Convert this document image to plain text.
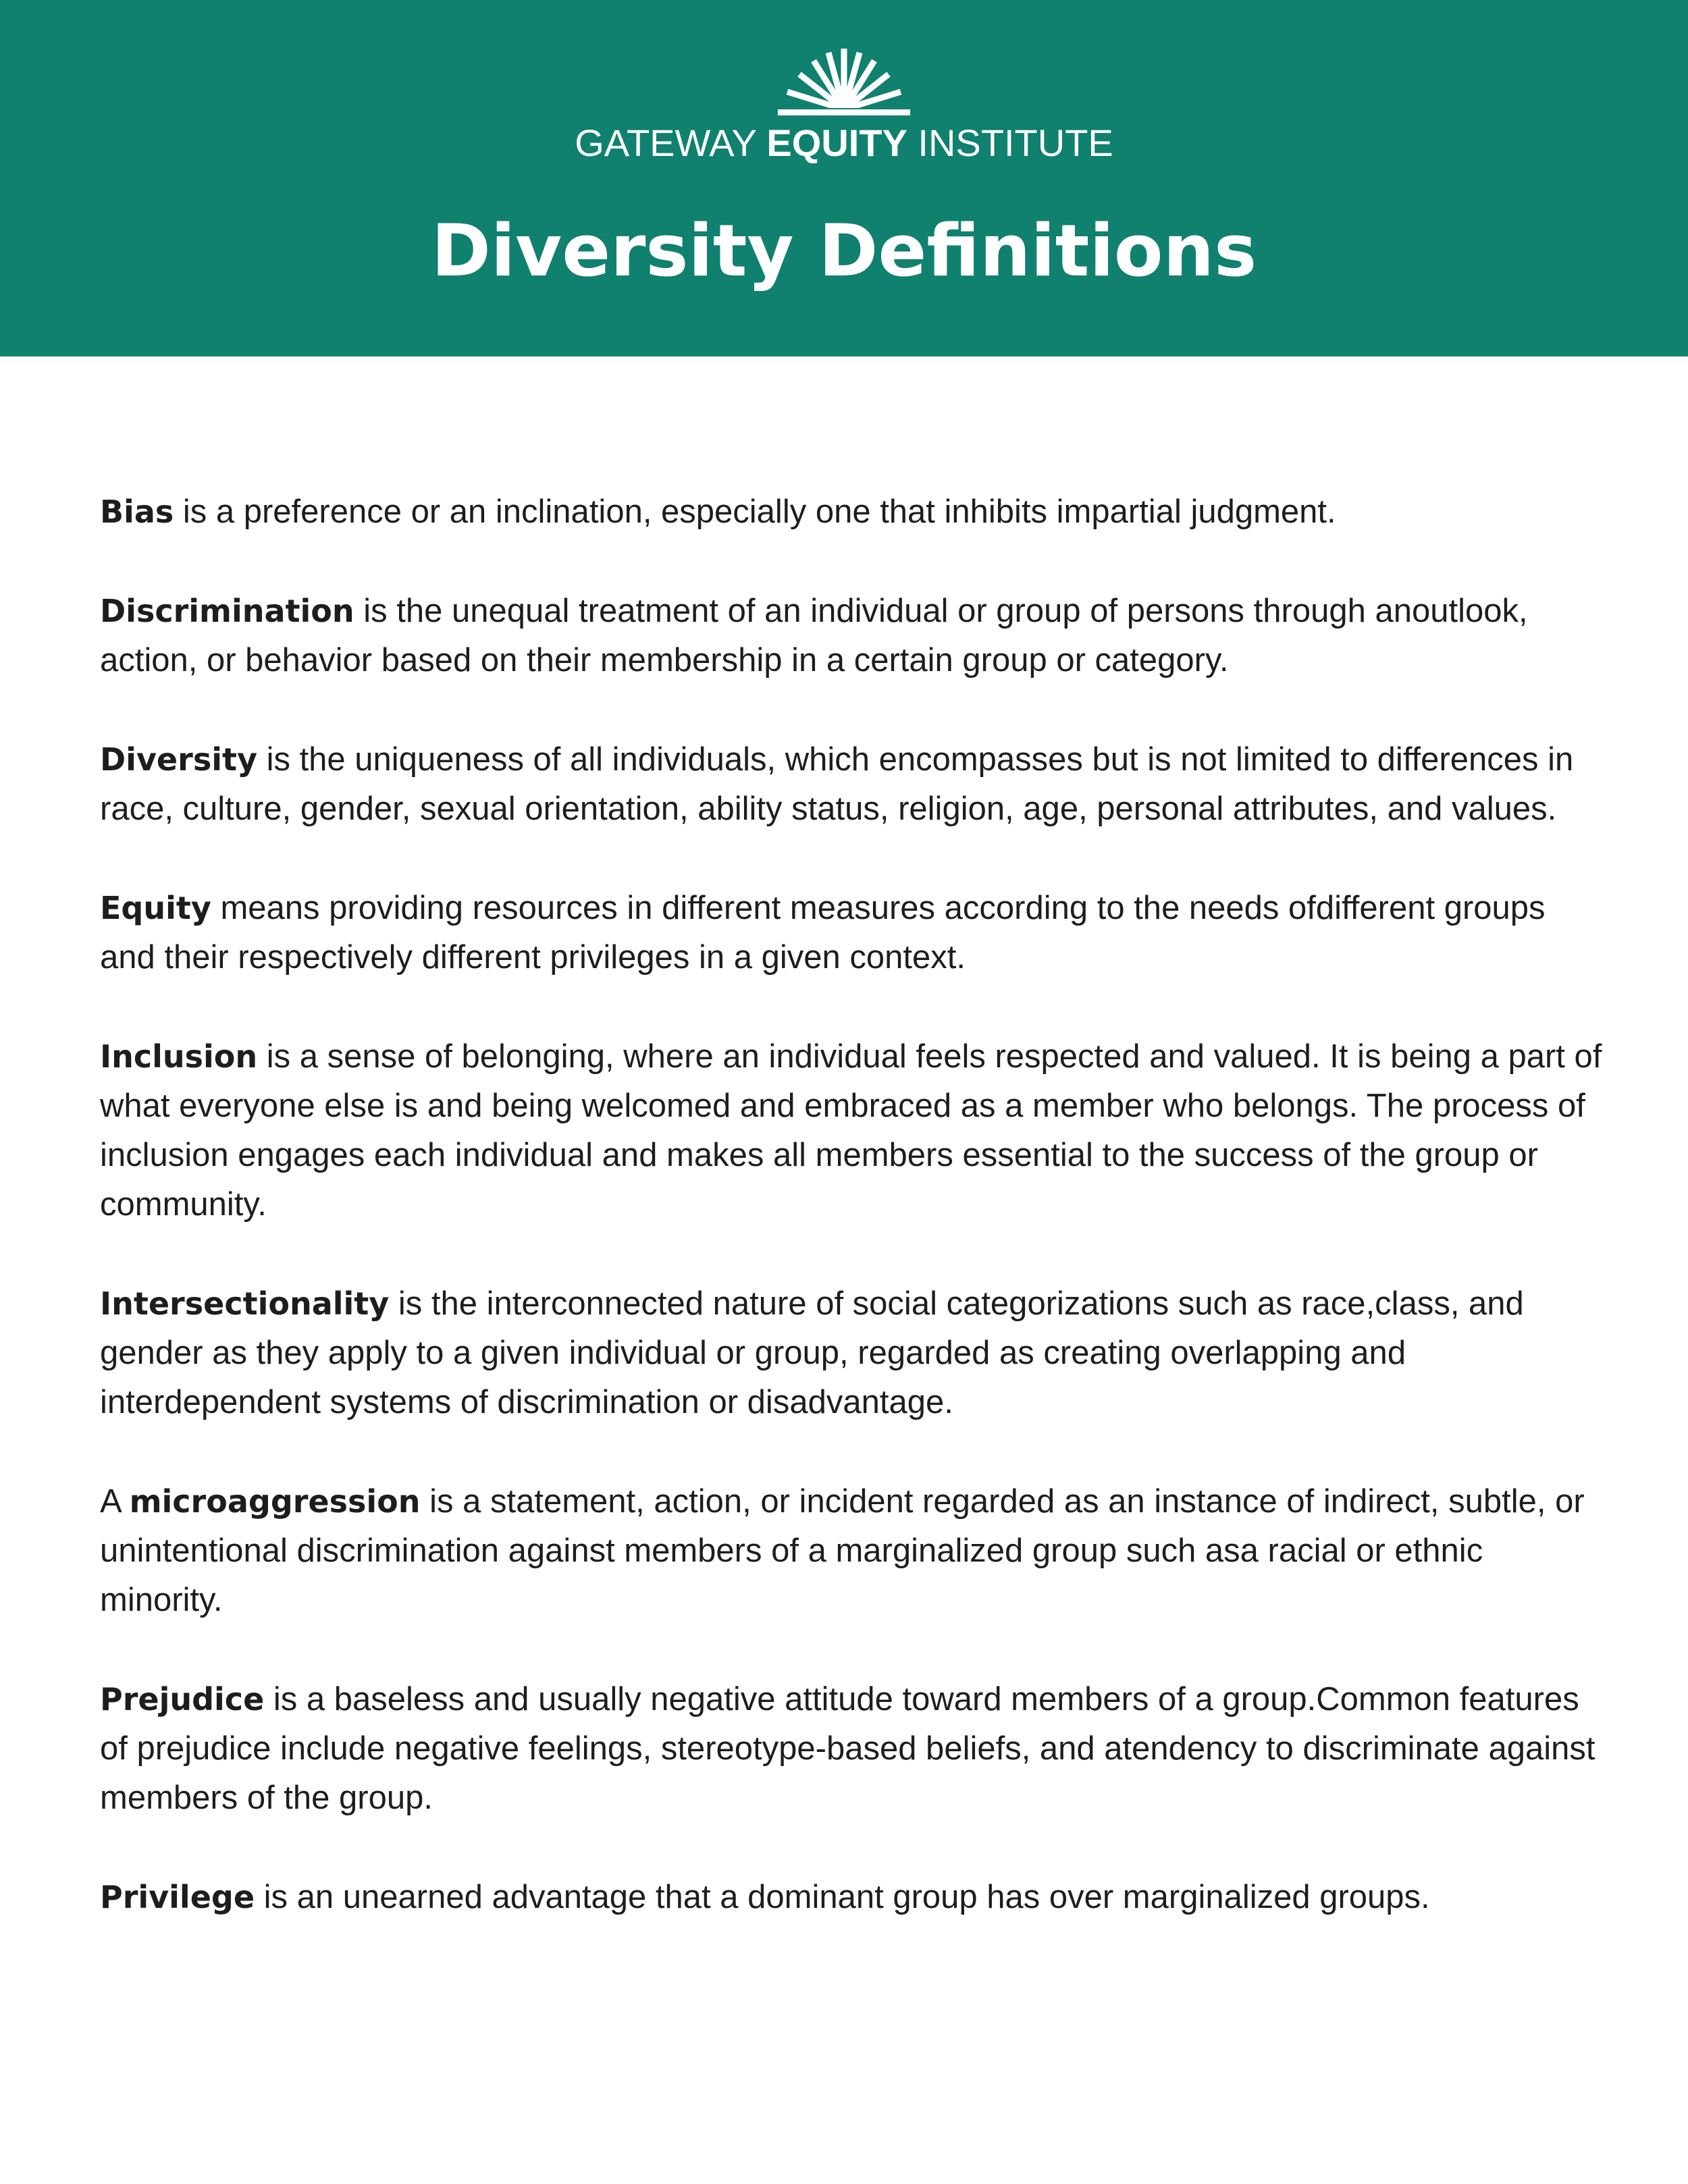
GATEWAY EQUITY INSTITUTE
Diversity Definitions

Bias is a preference or an inclination, especially one that inhibits impartial judgment.

Discrimination is the unequal treatment of an individual or group of persons through anoutlook, action, or behavior based on their membership in a certain group or category.

Diversity is the uniqueness of all individuals, which encompasses but is not limited to differences in race, culture, gender, sexual orientation, ability status, religion, age, personal attributes, and values.

Equity means providing resources in different measures according to the needs ofdifferent groups and their respectively different privileges in a given context.

Inclusion is a sense of belonging, where an individual feels respected and valued. It is being a part of what everyone else is and being welcomed and embraced as a member who belongs. The process of inclusion engages each individual and makes all members essential to the success of the group or community.

Intersectionality is the interconnected nature of social categorizations such as race,class, and gender as they apply to a given individual or group, regarded as creating overlapping and interdependent systems of discrimination or disadvantage.

A microaggression is a statement, action, or incident regarded as an instance of indirect, subtle, or unintentional discrimination against members of a marginalized group such asa racial or ethnic minority.

Prejudice is a baseless and usually negative attitude toward members of a group.Common features of prejudice include negative feelings, stereotype-based beliefs, and atendency to discriminate against members of the group.

Privilege is an unearned advantage that a dominant group has over marginalized groups.
